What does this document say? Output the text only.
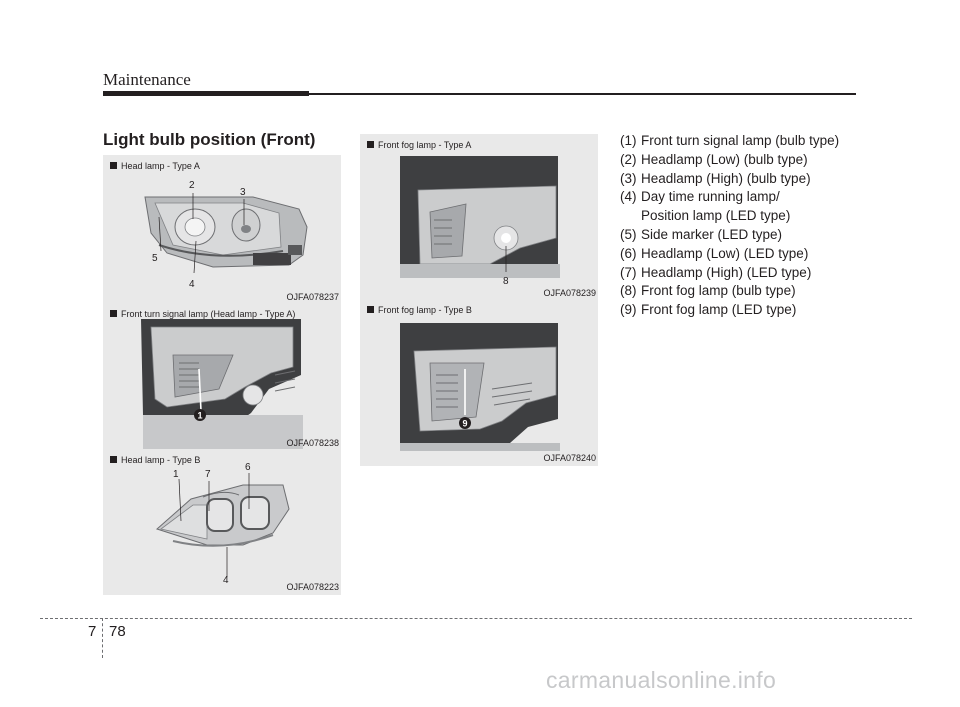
Maintenance
Light bulb position (Front)
2
3
5
4
Head lamp - Type A
OJFA078237
1
Front turn signal lamp (Head lamp - Type A)
OJFA078238
1	7
6
4
Head lamp - Type B
OJFA078223
8
Front fog lamp - Type A
OJFA078239
9
Front fog lamp - Type B
OJFA078240
(1) Front turn signal lamp (bulb type)
(2) Headlamp (Low) (bulb type)
(3) Headlamp (High) (bulb type)
(4) Day time running lamp/
Position lamp (LED type)
(5) Side marker (LED type)
(6) Headlamp (Low) (LED type)
(7) Headlamp (High) (LED type)
(8) Front fog lamp (bulb type)
(9) Front fog lamp (LED type)
7 78
carmanualsonline.info
